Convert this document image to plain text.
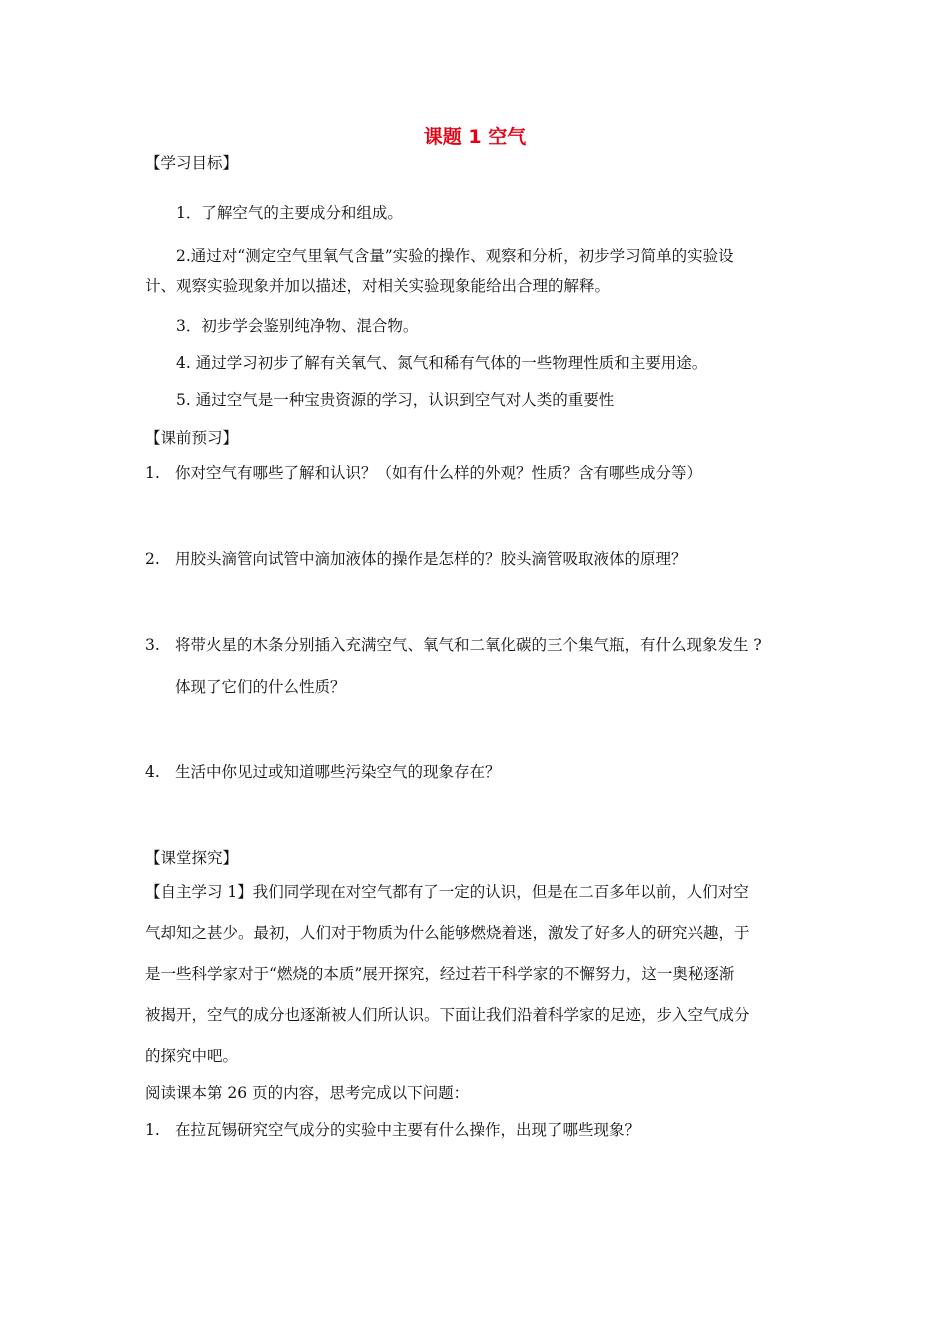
课题 1 空气
【学习目标】
1．了解空气的主要成分和组成。
2.通过对“测定空气里氧气含量”实验的操作、观察和分析，初步学习简单的实验设
计、观察实验现象并加以描述，对相关实验现象能给出合理的解释。
3．初步学会鉴别纯净物、混合物。
4. 通过学习初步了解有关氧气、氮气和稀有气体的一些物理性质和主要用途。
5. 通过空气是一种宝贵资源的学习，认识到空气对人类的重要性
【课前预习】
1. 你对空气有哪些了解和认识？（如有什么样的外观？性质？含有哪些成分等）
2. 用胶头滴管向试管中滴加液体的操作是怎样的？胶头滴管吸取液体的原理？
3. 将带火星的木条分别插入充满空气、氧气和二氧化碳的三个集气瓶，有什么现象发生 ?
体现了它们的什么性质？
4. 生活中你见过或知道哪些污染空气的现象存在？
【课堂探究】
【自主学习 1】我们同学现在对空气都有了一定的认识，但是在二百多年以前，人们对空
气却知之甚少。最初，人们对于物质为什么能够燃烧着迷，激发了好多人的研究兴趣，于
是一些科学家对于“燃烧的本质”展开探究，经过若干科学家的不懈努力，这一奥秘逐渐
被揭开，空气的成分也逐渐被人们所认识。下面让我们沿着科学家的足迹，步入空气成分
的探究中吧。
阅读课本第 26 页的内容，思考完成以下问题：
1. 在拉瓦锡研究空气成分的实验中主要有什么操作，出现了哪些现象？
